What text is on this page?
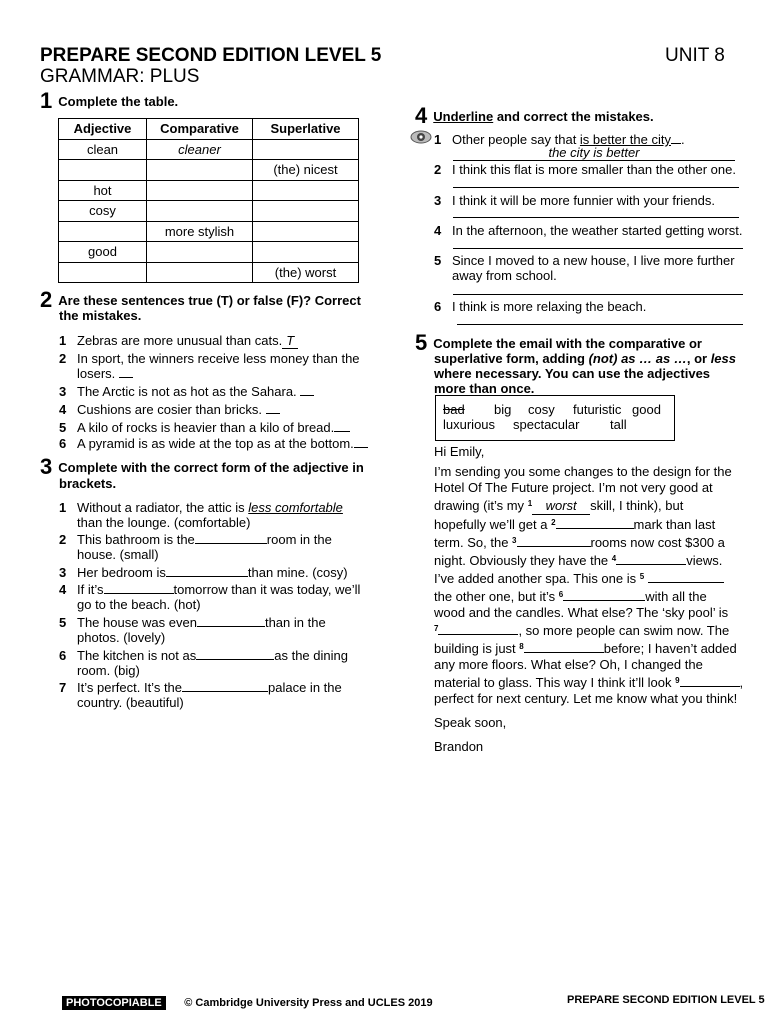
PREPARE SECOND EDITION LEVEL 5	UNIT 8
GRAMMAR: PLUS
1 Complete the table.
Adjective	Comparative	Superlative
clean	cleaner	
		(the) nicest
hot		
cosy		
	more stylish	
good		
		(the) worst
2 Are these sentences true (T) or false (F)? Correct
the mistakes.
1 Zebras are more unusual than cats. T
2 In sport, the winners receive less money than the
losers.
3 The Arctic is not as hot as the Sahara.
4 Cushions are cosier than bricks.
5 A kilo of rocks is heavier than a kilo of bread.
6 A pyramid is as wide at the top as at the bottom.
3 Complete with the correct form of the adjective in
brackets.
1 Without a radiator, the attic is less comfortable
than the lounge. (comfortable)
2 This bathroom is the	room in the
house. (small)
3 Her bedroom is	than mine. (cosy)
4 If it’s	tomorrow than it was today, we’ll
go to the beach. (hot)
5 The house was even	than in the
photos. (lovely)
6 The kitchen is not as	as the dining
room. (big)
7 It’s perfect. It’s the	palace in the
country. (beautiful)
4 Underline and correct the mistakes.
1 Other people say that is better the city .
the city is better
2 I think this flat is more smaller than the other one.
3 I think it will be more funnier with your friends.
4 In the afternoon, the weather started getting worst.
5 Since I moved to a new house, I live more further
away from school.
6 I think is more relaxing the beach.
5 Complete the email with the comparative or
superlative form, adding (not) as … as …, or less
where necessary. You can use the adjectives
more than once.
bad big cosy futuristic good
luxurious spectacular tall
Hi Emily,
I’m sending you some changes to the design for the
Hotel Of The Future project. I’m not very good at
drawing (it’s my $^1$ worst skill, I think), but
hopefully we’ll get a $^2$	mark than last
term. So, the $^3$	rooms now cost $300 a
night. Obviously they have the $^4$	views.
I’ve added another spa. This one is $^5$
the other one, but it’s $^6$	with all the
wood and the candles. What else? The ‘sky pool’ is
$^7$	, so more people can swim now. The
building is just $^8$	before; I haven’t added
any more floors. What else? Oh, I changed the
material to glass. This way I think it’ll look $^9$	,
perfect for next century. Let me know what you think!
Speak soon,
Brandon
PHOTOCOPIABLE © Cambridge University Press and UCLES 2019	PREPARE SECOND EDITION LEVEL 5
